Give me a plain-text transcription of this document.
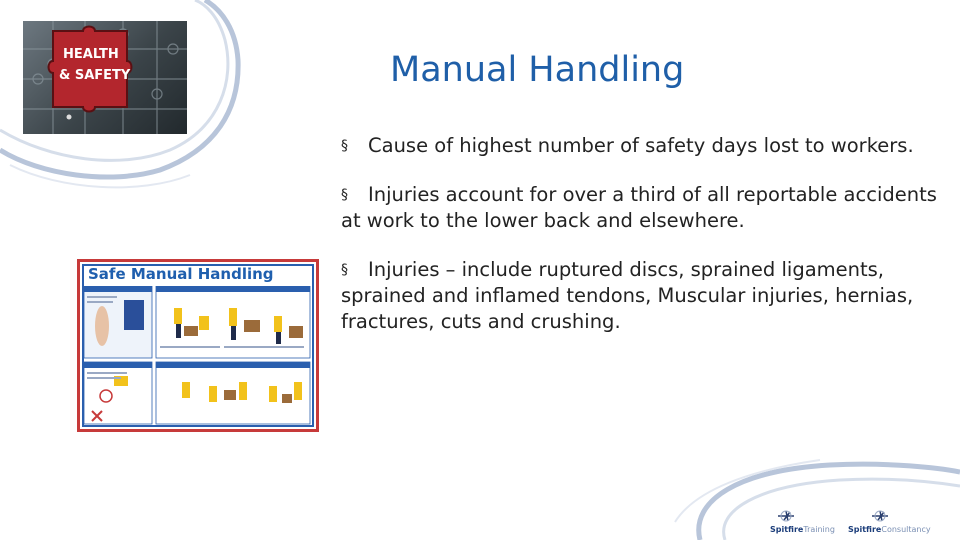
HEALTH
& SAFETY	Manual Handling
§ Cause of highest number of safety days lost to workers.
§ Injuries account for over a third of all reportable accidents at work to the lower back and elsewhere.
§ Injuries – include ruptured discs, sprained ligaments, sprained and inflamed tendons, Muscular injuries, hernias, fractures, cuts and crushing.
Safe Manual Handling
SpitfireTraining SpitfireConsultancy
